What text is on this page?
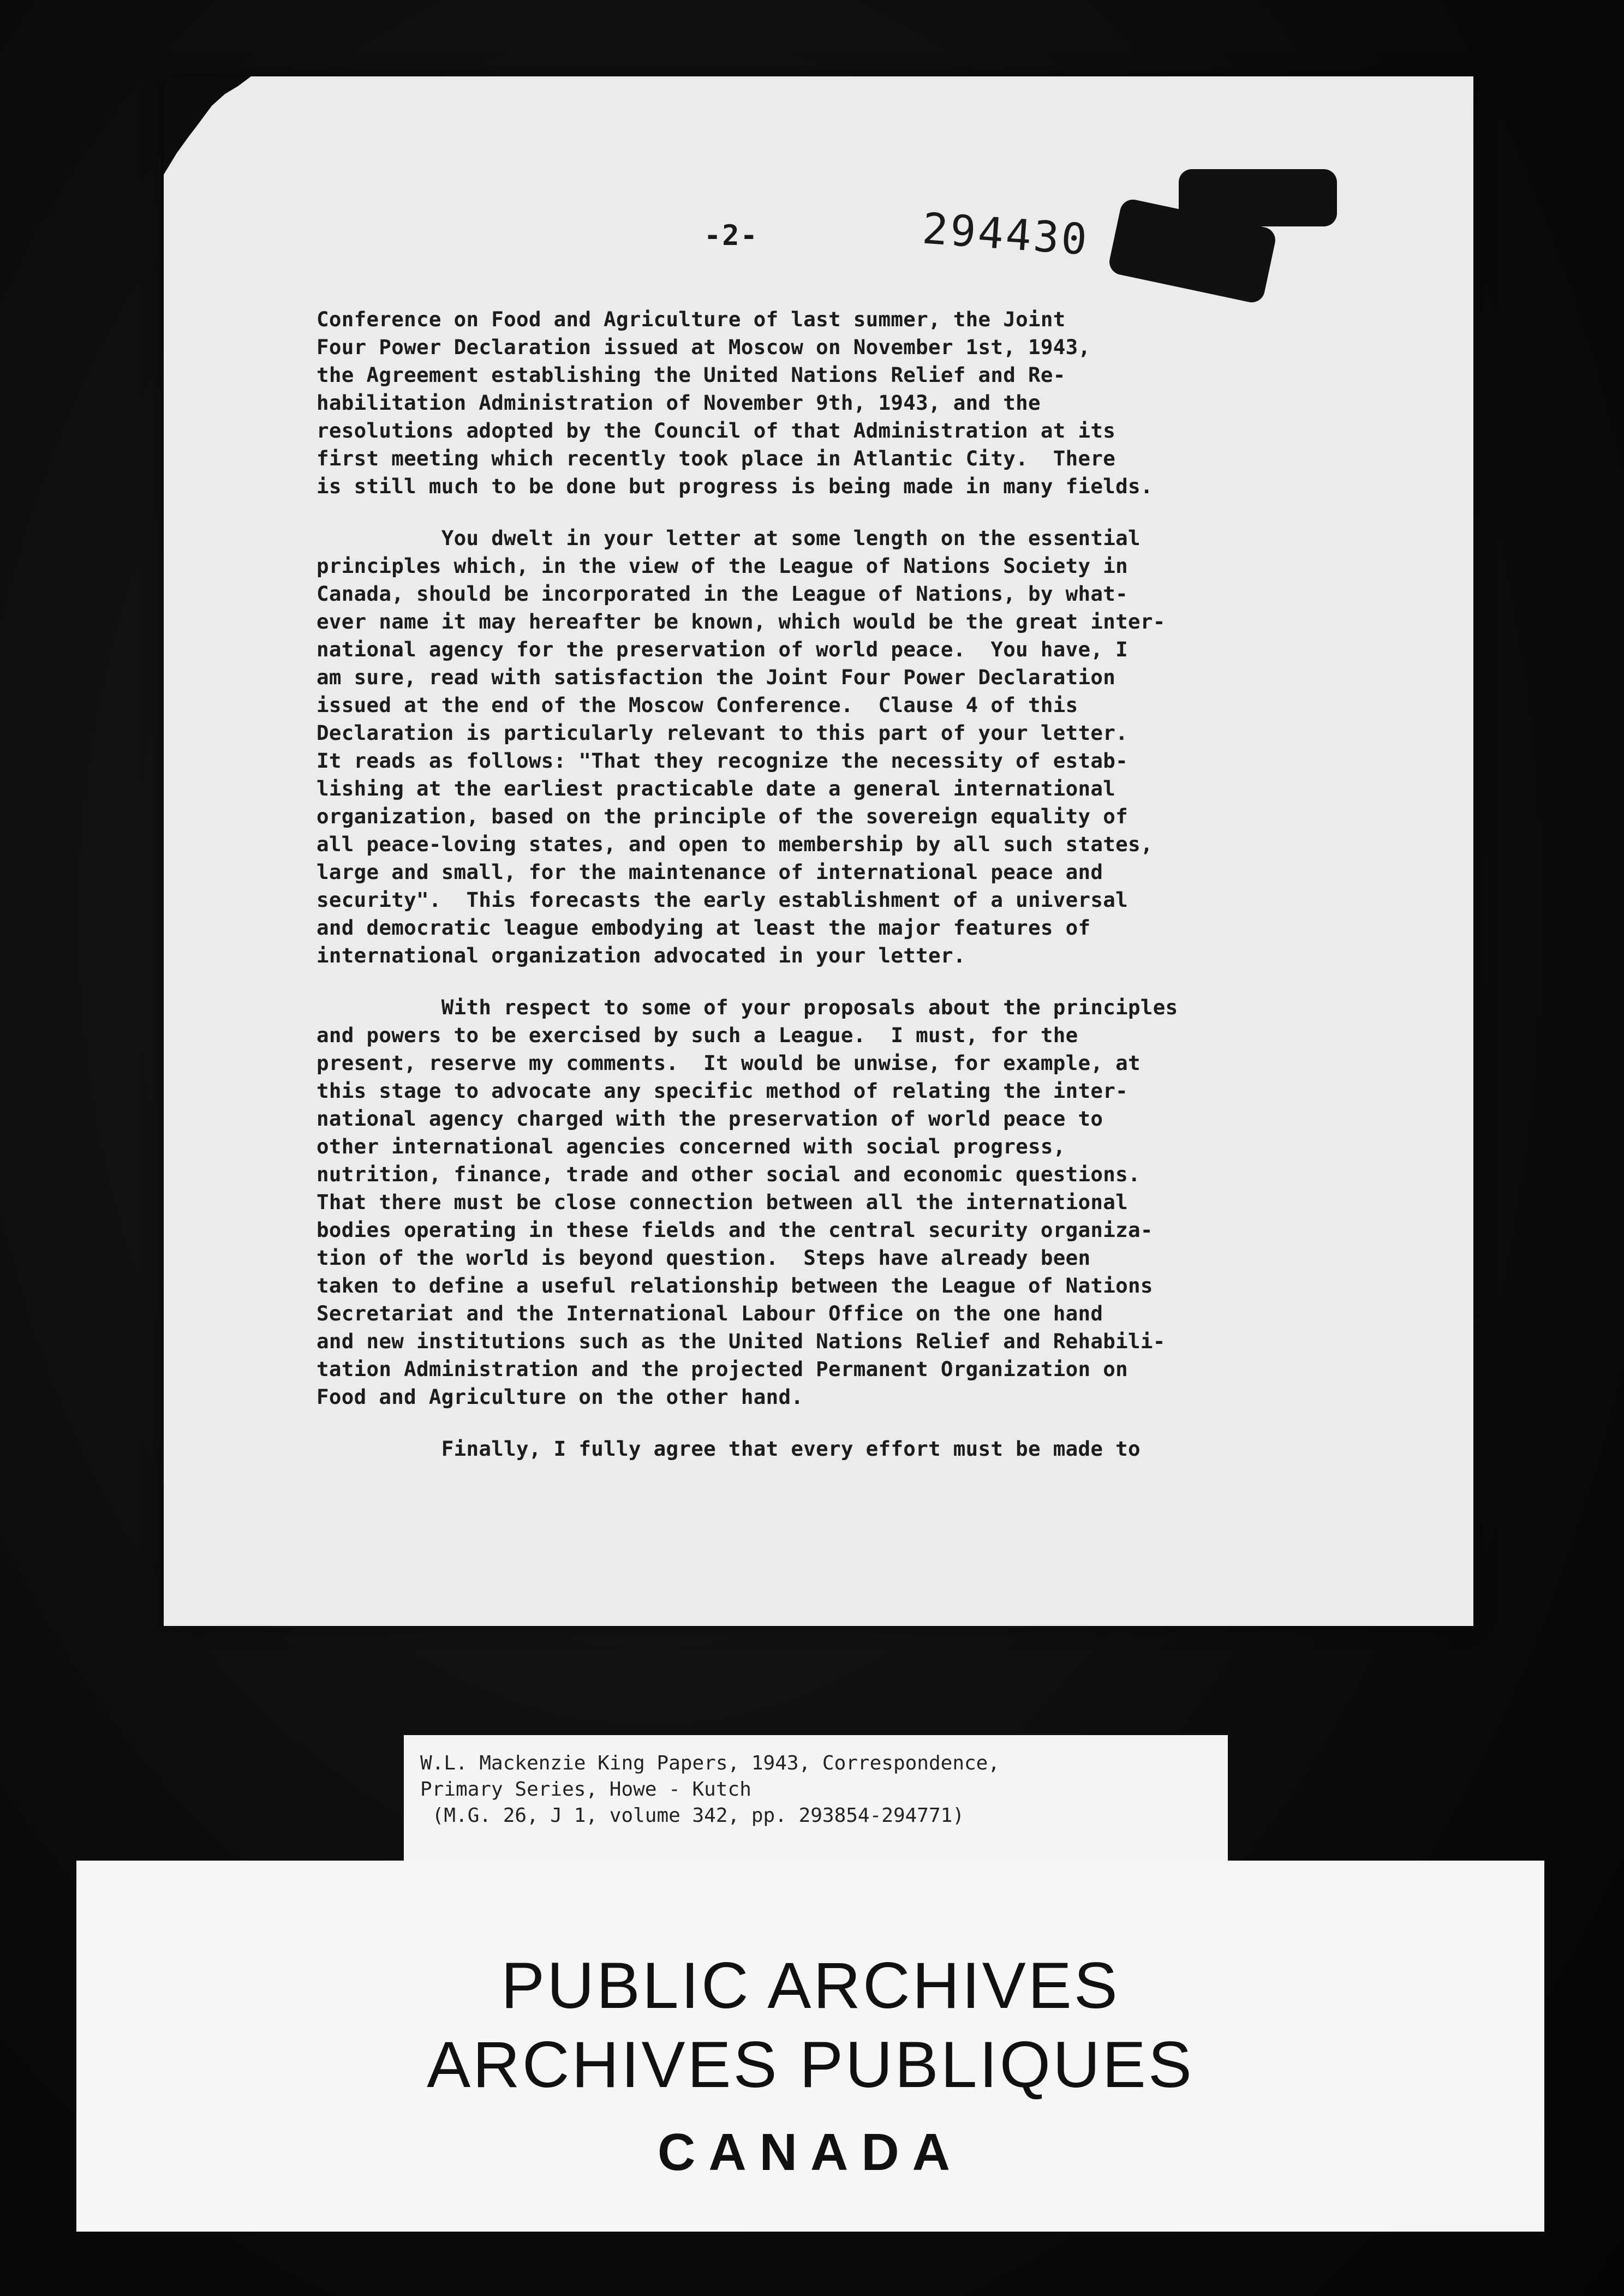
-2-	294430

Conference on Food and Agriculture of last summer, the Joint
Four Power Declaration issued at Moscow on November 1st, 1943,
the Agreement establishing the United Nations Relief and Re-
habilitation Administration of November 9th, 1943, and the
resolutions adopted by the Council of that Administration at its
first meeting which recently took place in Atlantic City.  There
is still much to be done but progress is being made in many fields.

You dwelt in your letter at some length on the essential
principles which, in the view of the League of Nations Society in
Canada, should be incorporated in the League of Nations, by what-
ever name it may hereafter be known, which would be the great inter-
national agency for the preservation of world peace.  You have, I
am sure, read with satisfaction the Joint Four Power Declaration
issued at the end of the Moscow Conference.  Clause 4 of this
Declaration is particularly relevant to this part of your letter.
It reads as follows: "That they recognize the necessity of estab-
lishing at the earliest practicable date a general international
organization, based on the principle of the sovereign equality of
all peace-loving states, and open to membership by all such states,
large and small, for the maintenance of international peace and
security".  This forecasts the early establishment of a universal
and democratic league embodying at least the major features of
international organization advocated in your letter.

With respect to some of your proposals about the principles
and powers to be exercised by such a League.  I must, for the
present, reserve my comments.  It would be unwise, for example, at
this stage to advocate any specific method of relating the inter-
national agency charged with the preservation of world peace to
other international agencies concerned with social progress,
nutrition, finance, trade and other social and economic questions.
That there must be close connection between all the international
bodies operating in these fields and the central security organiza-
tion of the world is beyond question.  Steps have already been
taken to define a useful relationship between the League of Nations
Secretariat and the International Labour Office on the one hand
and new institutions such as the United Nations Relief and Rehabili-
tation Administration and the projected Permanent Organization on
Food and Agriculture on the other hand.

Finally, I fully agree that every effort must be made to

W.L. Mackenzie King Papers, 1943, Correspondence,
Primary Series, Howe - Kutch
(M.G. 26, J 1, volume 342, pp. 293854-294771)
PUBLIC ARCHIVES
ARCHIVES PUBLIQUES
CANADA
